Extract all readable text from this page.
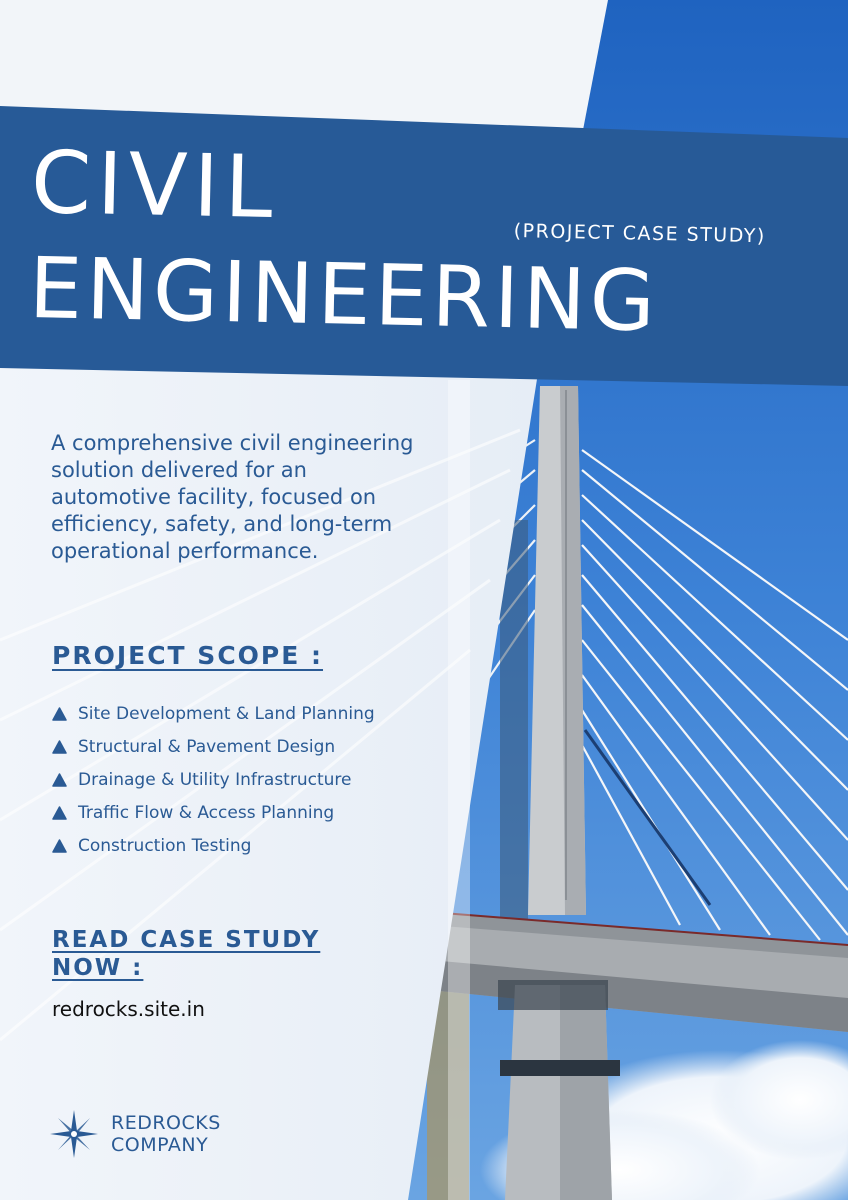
CIVIL	(PROJECT CASE STUDY)
ENGINEERING

A comprehensive civil engineering solution delivered for an automotive facility, focused on efficiency, safety, and long-term operational performance.

PROJECT SCOPE :
Site Development & Land Planning
Structural & Pavement Design
Drainage & Utility Infrastructure
Traffic Flow & Access Planning
Construction Testing
READ CASE STUDY NOW :
redrocks.site.in

REDROCKS
COMPANY
